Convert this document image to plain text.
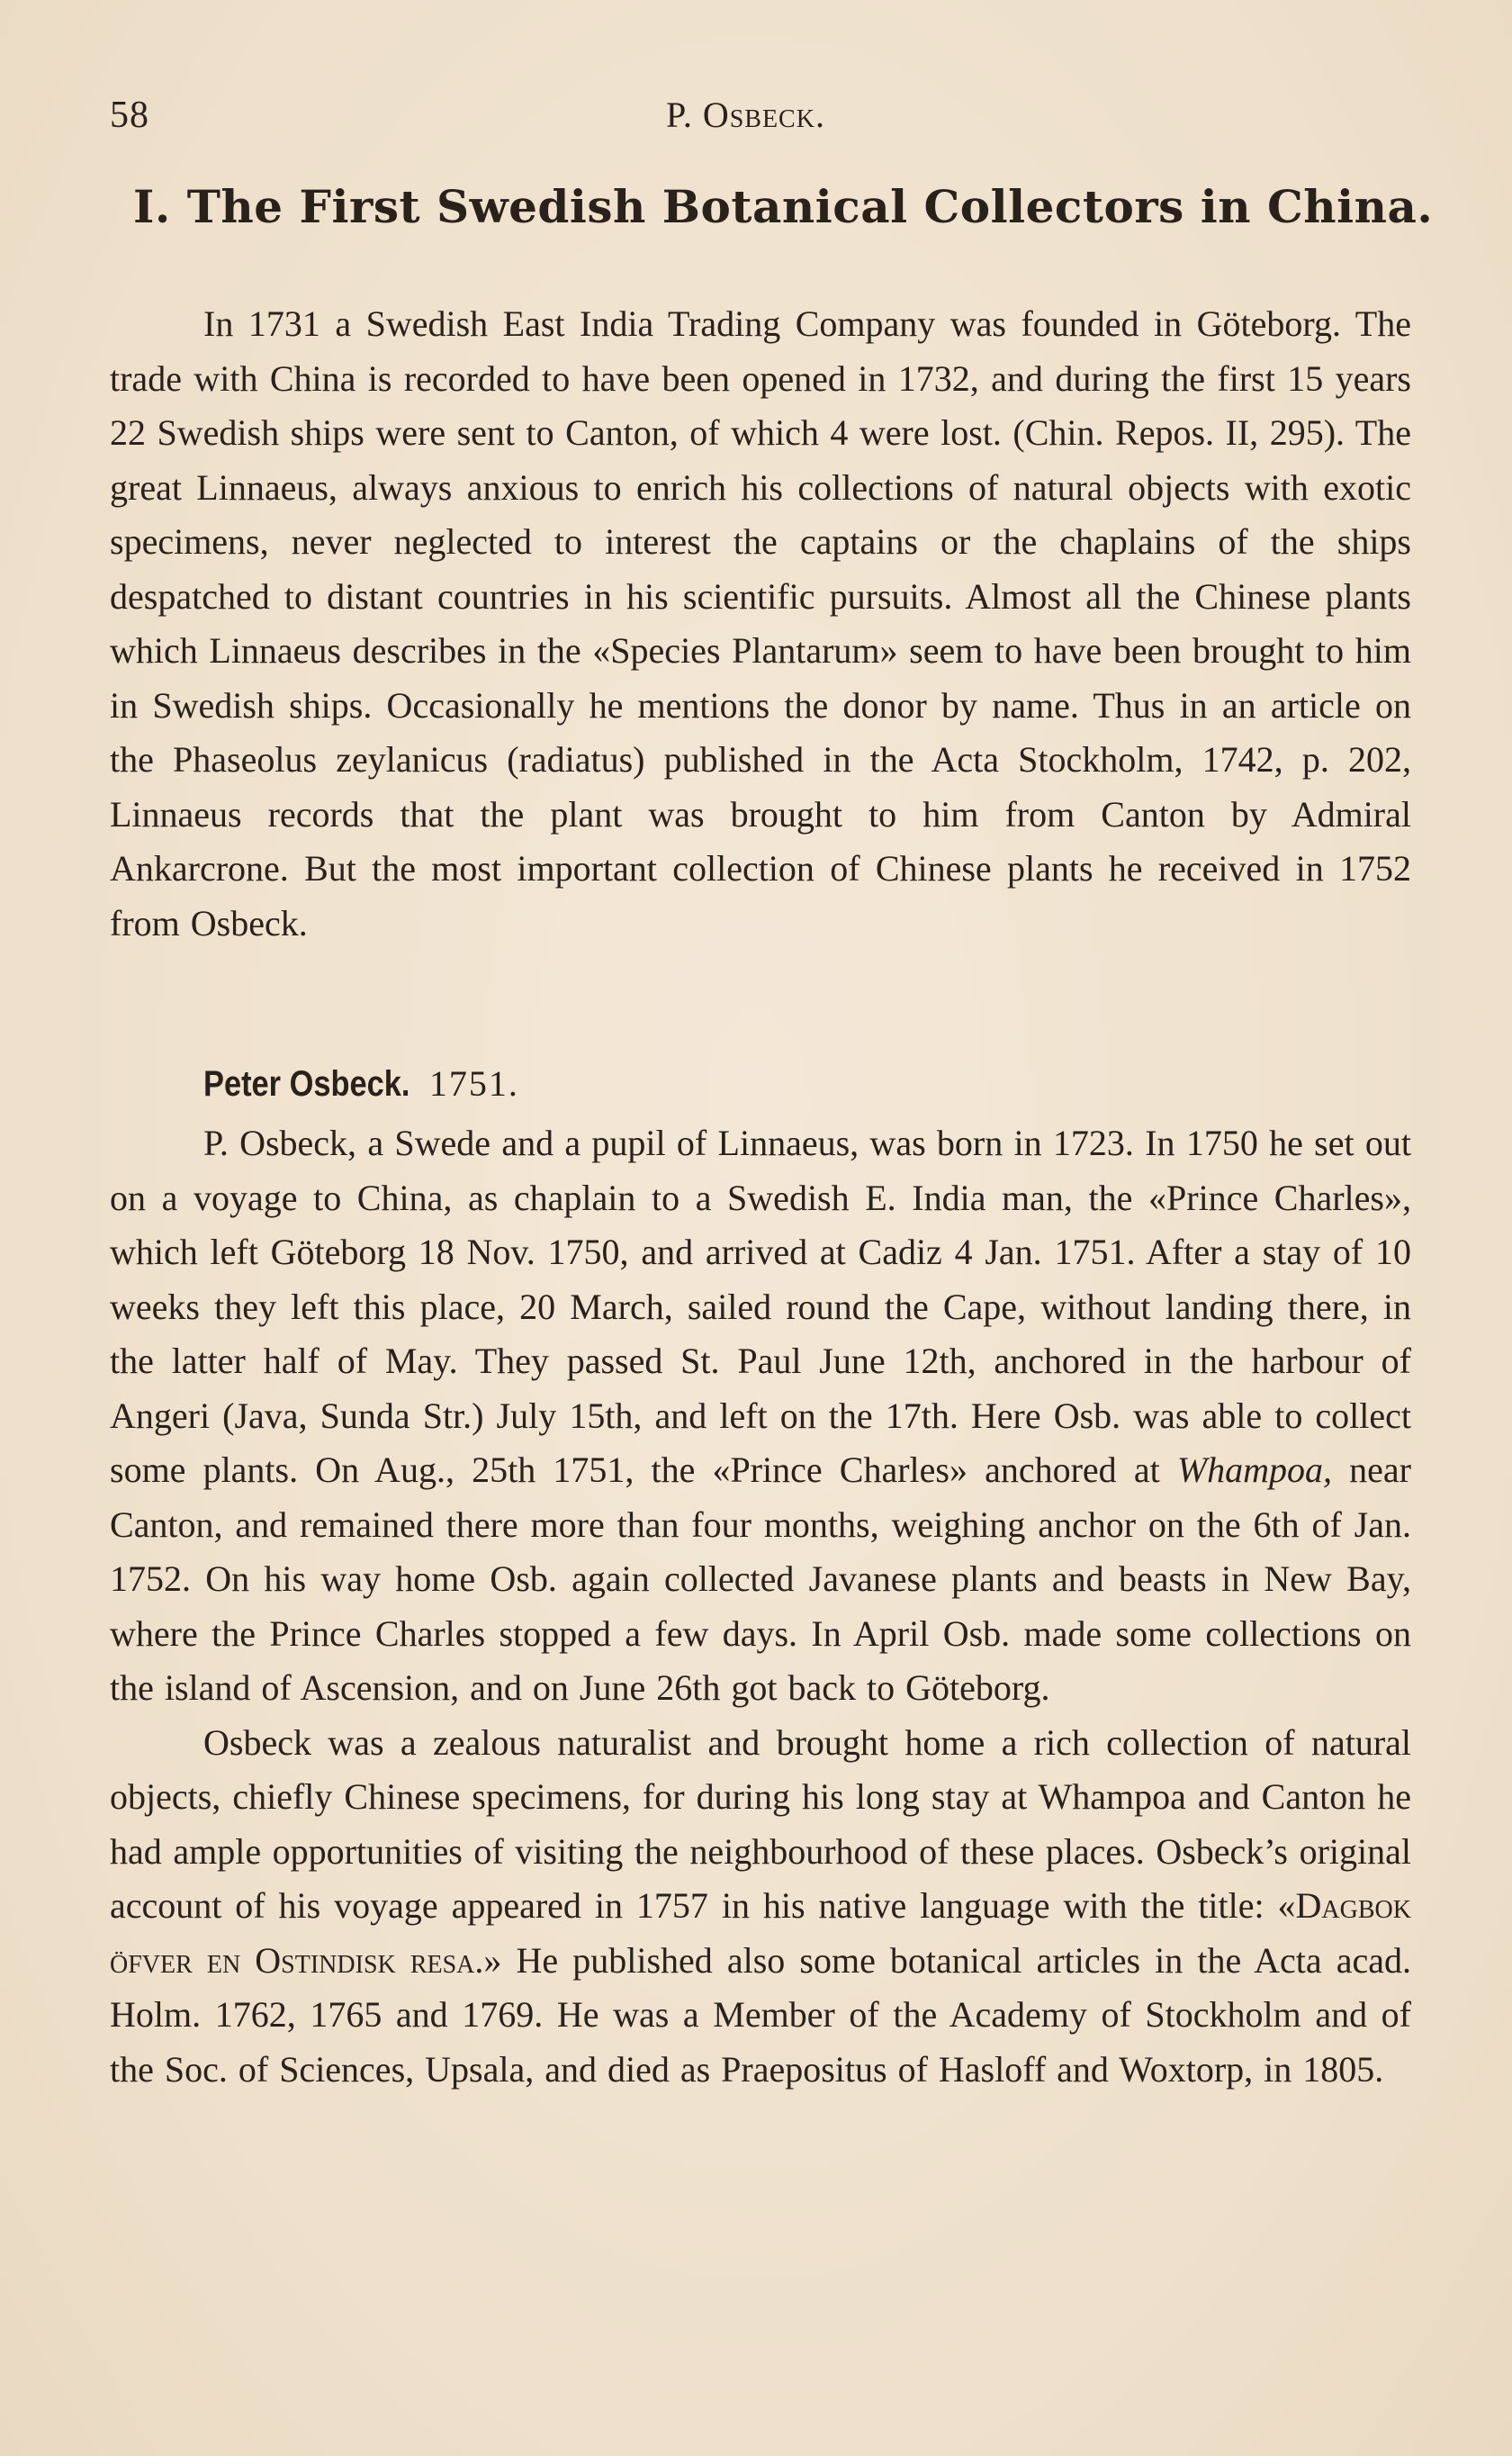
58	P. Osbeck.
I. The First Swedish Botanical Collectors in China.

In 1731 a Swedish East India Trading Company was founded in Göteborg. The trade with China is recorded to have been opened in 1732, and during the first 15 years 22 Swedish ships were sent to Canton, of which 4 were lost. (Chin. Repos. II, 295). The great Linnaeus, always anxious to enrich his collections of natural objects with exotic specimens, never neglected to interest the captains or the chaplains of the ships despatched to distant countries in his scientific pursuits. Almost all the Chinese plants which Linnaeus describes in the «Species Plantarum» seem to have been brought to him in Swedish ships. Occasionally he mentions the donor by name. Thus in an article on the Phaseolus zeylanicus (radiatus) published in the Acta Stockholm, 1742, p. 202, Linnaeus records that the plant was brought to him from Canton by Admiral Ankarcrone. But the most important collection of Chinese plants he received in 1752 from Osbeck.

Peter Osbeck. 1751.

P. Osbeck, a Swede and a pupil of Linnaeus, was born in 1723. In 1750 he set out on a voyage to China, as chaplain to a Swedish E. India man, the «Prince Charles», which left Göteborg 18 Nov. 1750, and arrived at Cadiz 4 Jan. 1751. After a stay of 10 weeks they left this place, 20 March, sailed round the Cape, without landing there, in the latter half of May. They passed St. Paul June 12th, anchored in the harbour of Angeri (Java, Sunda Str.) July 15th, and left on the 17th. Here Osb. was able to collect some plants. On Aug., 25th 1751, the «Prince Charles» anchored at Whampoa, near Canton, and remained there more than four months, weighing anchor on the 6th of Jan. 1752. On his way home Osb. again collected Javanese plants and beasts in New Bay, where the Prince Charles stopped a few days. In April Osb. made some collections on the island of Ascension, and on June 26th got back to Göteborg.

Osbeck was a zealous naturalist and brought home a rich collection of natural objects, chiefly Chinese specimens, for during his long stay at Whampoa and Canton he had ample opportunities of visiting the neighbourhood of these places. Osbeck’s original account of his voyage appeared in 1757 in his native language with the title: «Dagbok öfver en Ostindisk resa.» He published also some botanical articles in the Acta acad. Holm. 1762, 1765 and 1769. He was a Member of the Academy of Stockholm and of the Soc. of Sciences, Upsala, and died as Praepositus of Hasloff and Woxtorp, in 1805.
